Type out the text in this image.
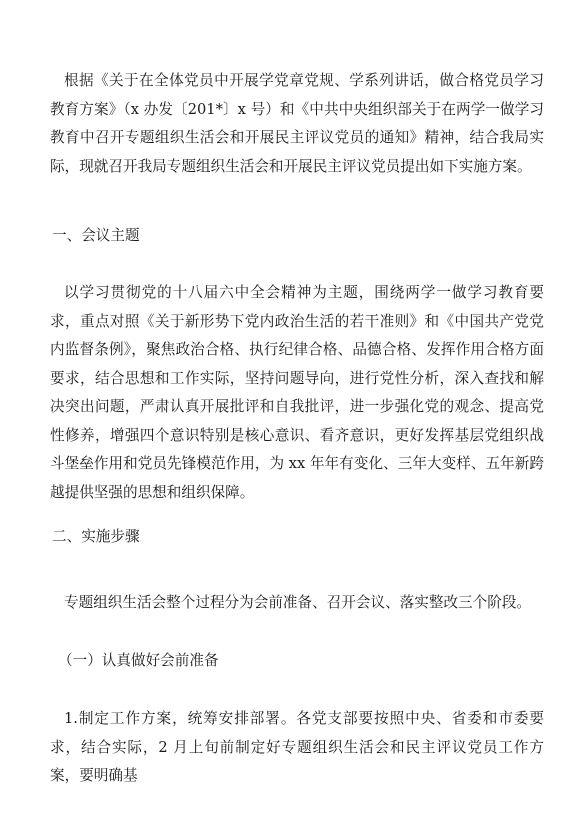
根据《关于在全体党员中开展学党章党规、学系列讲话，做合格党员学习教育方案》（x 办发〔201*〕x 号）和《中共中央组织部关于在两学一做学习教育中召开专题组织生活会和开展民主评议党员的通知》精神，结合我局实际，现就召开我局专题组织生活会和开展民主评议党员提出如下实施方案。

一、会议主题

以学习贯彻党的十八届六中全会精神为主题，围绕两学一做学习教育要求，重点对照《关于新形势下党内政治生活的若干准则》和《中国共产党党内监督条例》，聚焦政治合格、执行纪律合格、品德合格、发挥作用合格方面要求，结合思想和工作实际，坚持问题导向，进行党性分析，深入查找和解决突出问题，严肃认真开展批评和自我批评，进一步强化党的观念、提高党性修养，增强四个意识特别是核心意识、看齐意识，更好发挥基层党组织战斗堡垒作用和党员先锋模范作用，为 xx 年年有变化、三年大变样、五年新跨越提供坚强的思想和组织保障。

二、实施步骤

专题组织生活会整个过程分为会前准备、召开会议、落实整改三个阶段。

（一）认真做好会前准备

1.制定工作方案，统筹安排部署。各党支部要按照中央、省委和市委要求，结合实际，2 月上旬前制定好专题组织生活会和民主评议党员工作方案，要明确基
